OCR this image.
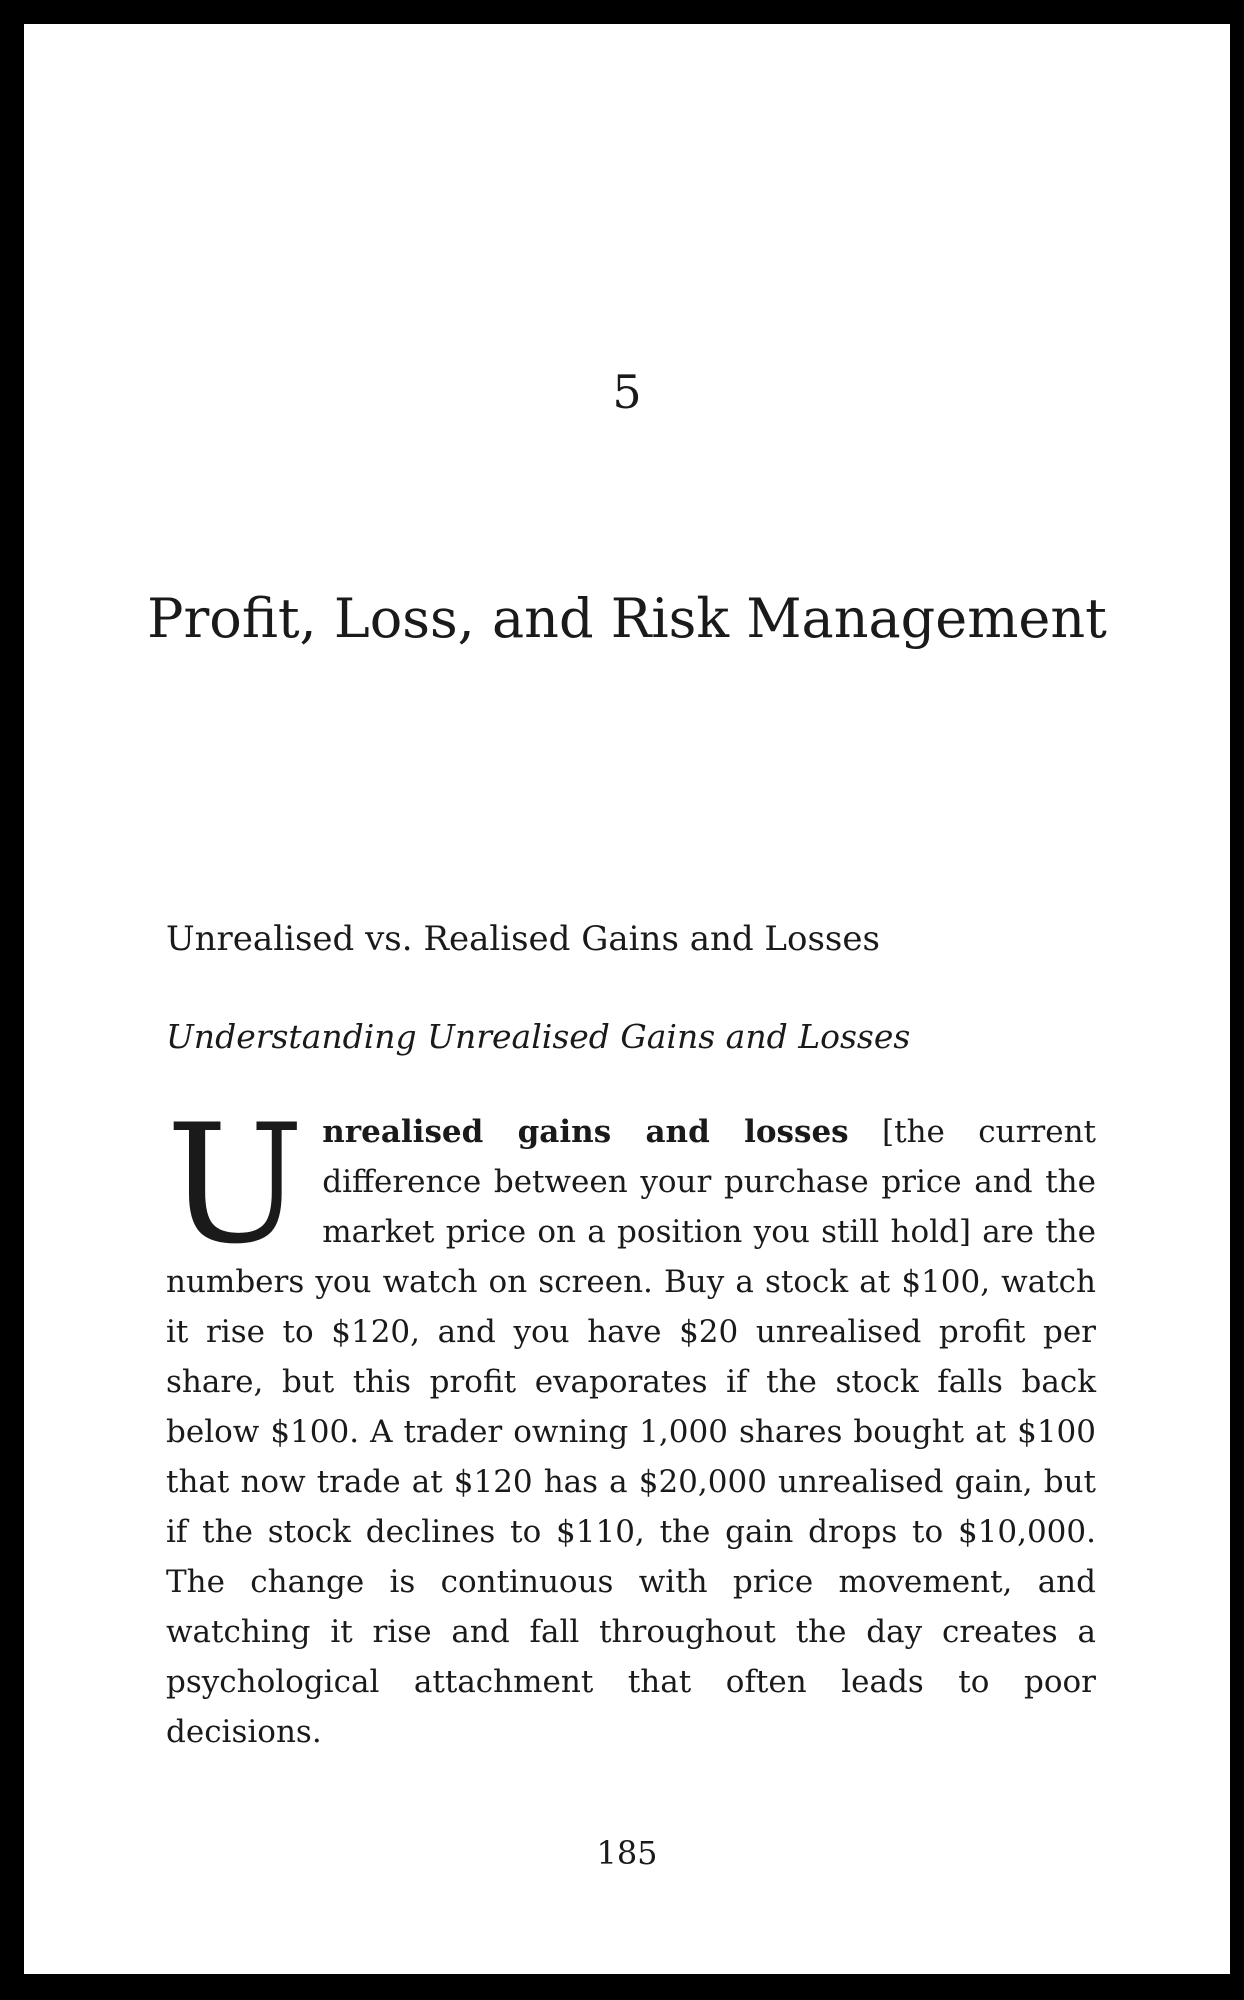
5
Profit, Loss, and Risk Management
Unrealised vs. Realised Gains and Losses
Understanding Unrealised Gains and Losses
Unrealised gains and losses [the current difference between your purchase price and the market price on a position you still hold] are the numbers you watch on screen. Buy a stock at $100, watch it rise to $120, and you have $20 unrealised profit per share, but this profit evaporates if the stock falls back below $100. A trader owning 1,000 shares bought at $100 that now trade at $120 has a $20,000 unrealised gain, but if the stock declines to $110, the gain drops to $10,000. The change is continuous with price movement, and watching it rise and fall throughout the day creates a psychological attachment that often leads to poor decisions.
185
